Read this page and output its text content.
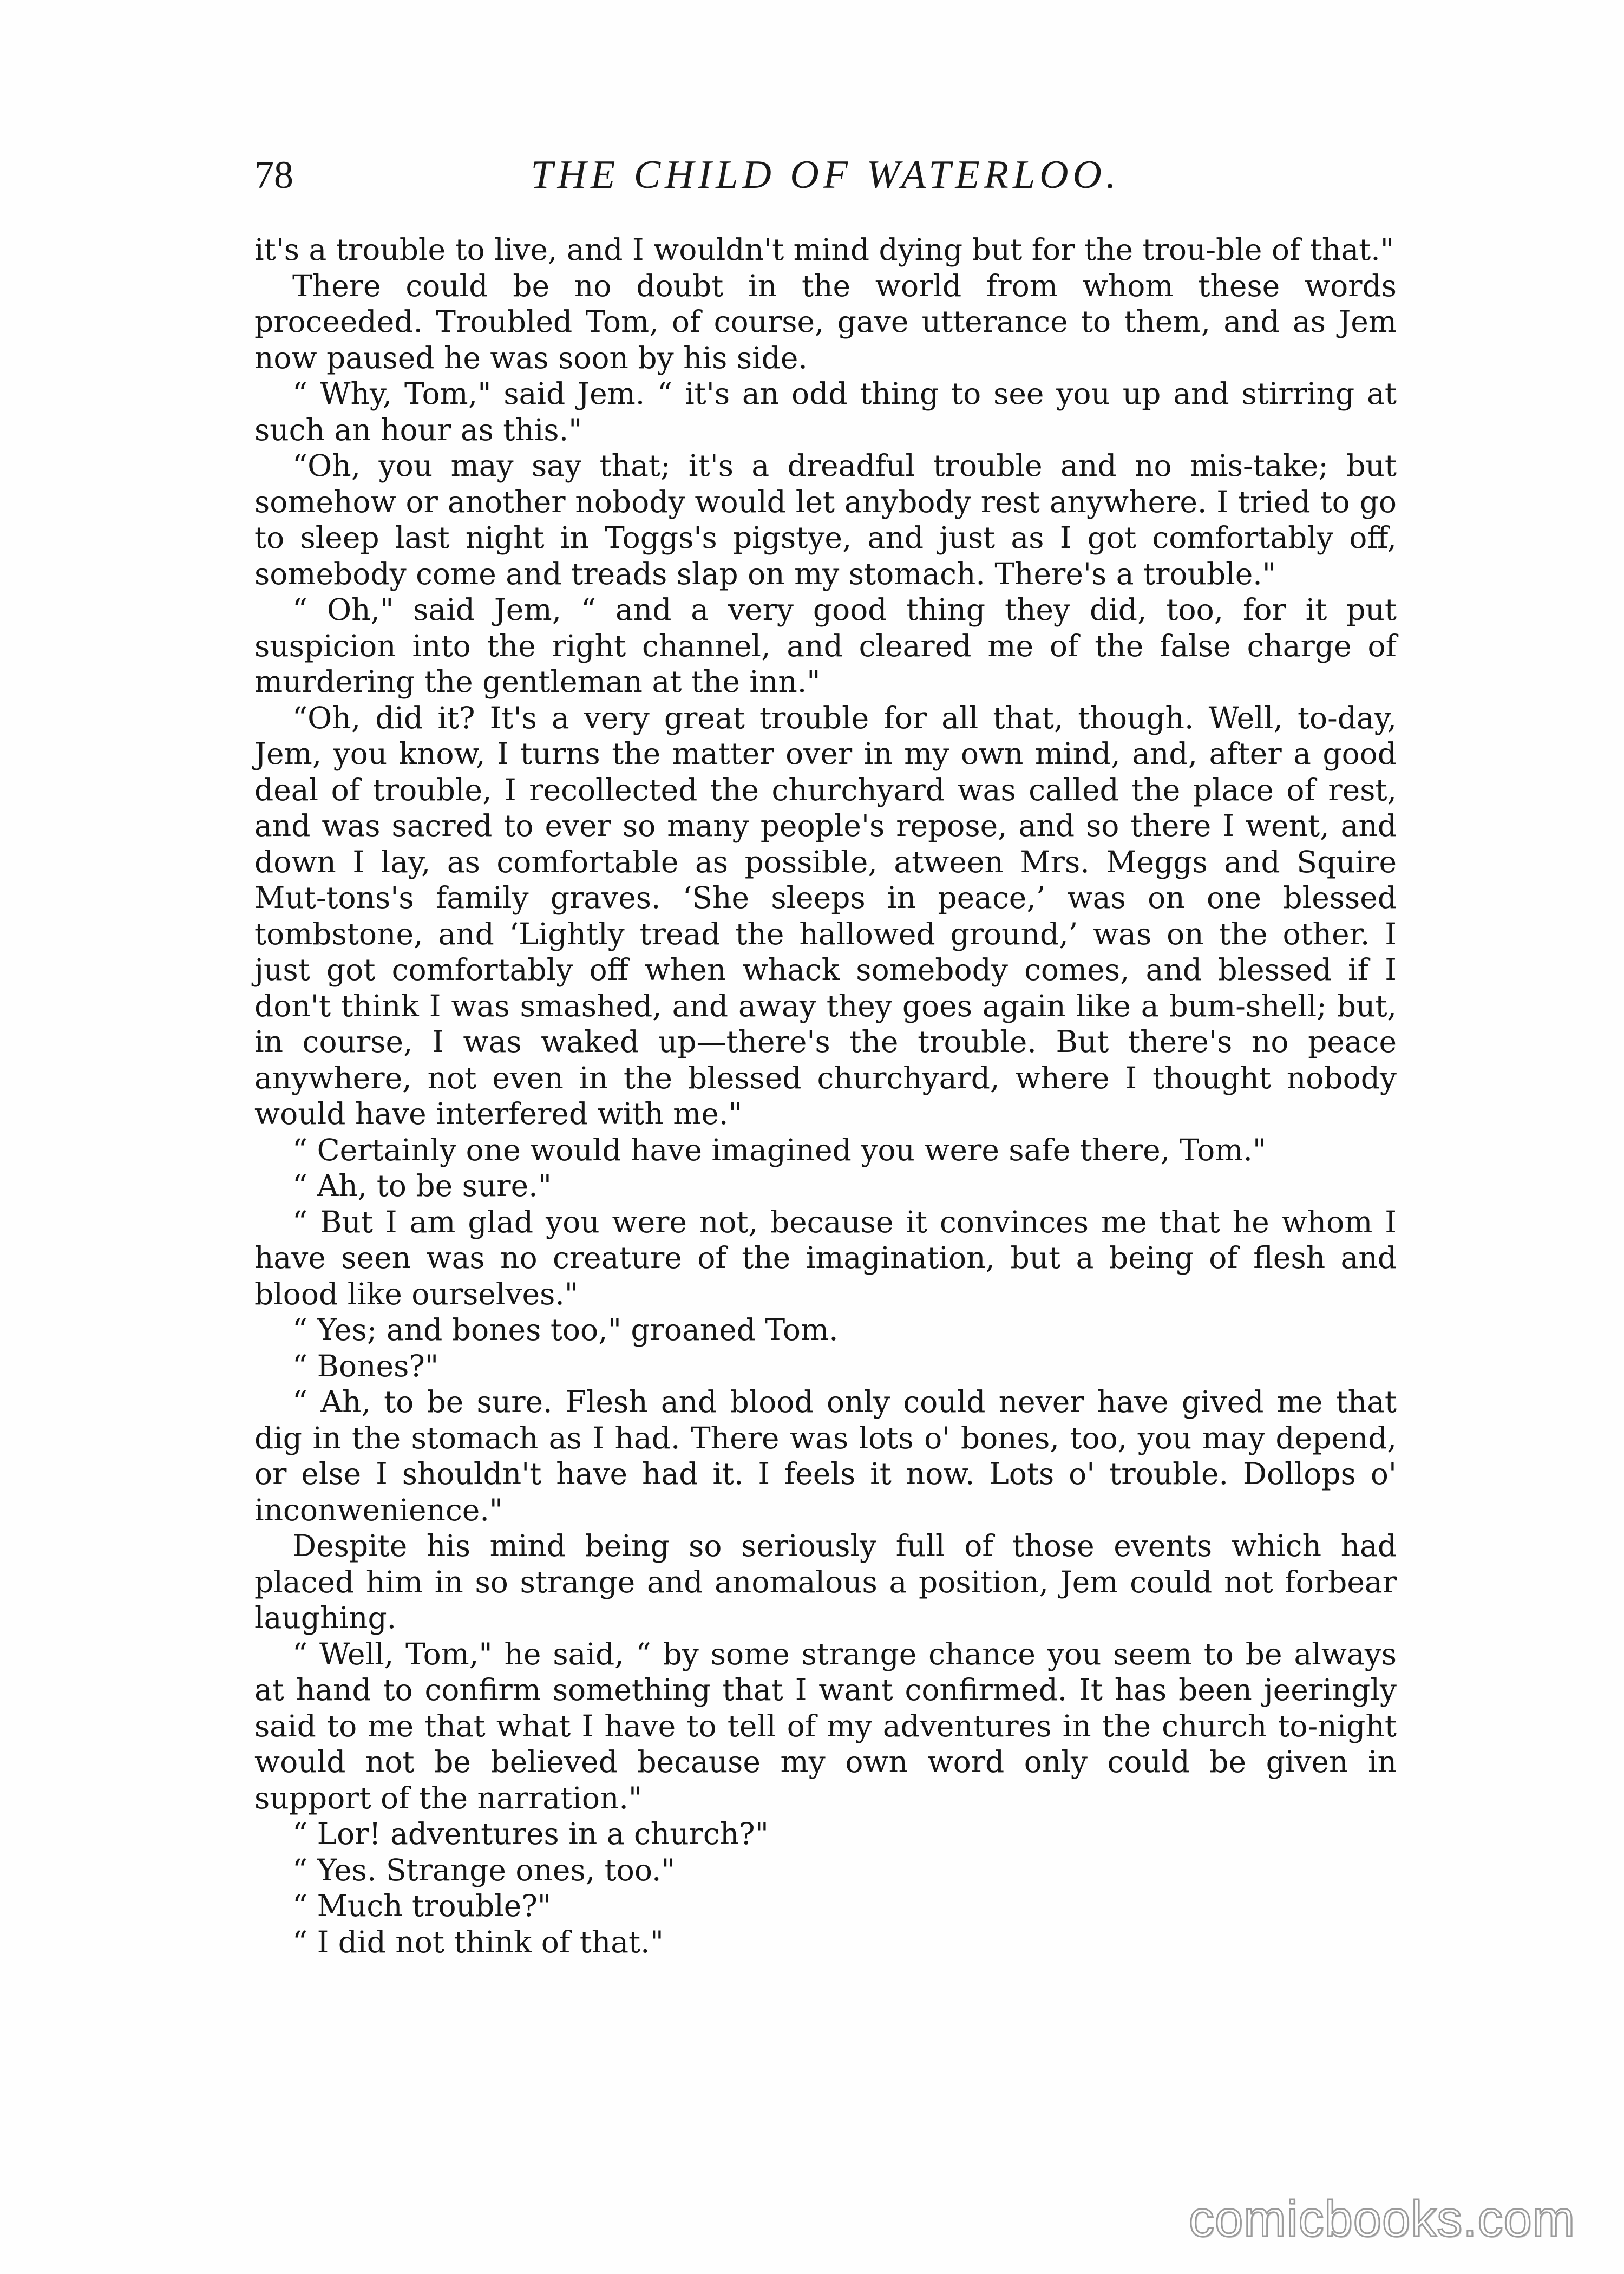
78	THE CHILD OF WATERLOO.

it's a trouble to live, and I wouldn't mind dying but for the trou-ble of that."

There could be no doubt in the world from whom these words proceeded. Troubled Tom, of course, gave utterance to them, and as Jem now paused he was soon by his side.

“ Why, Tom," said Jem. “ it's an odd thing to see you up and stirring at such an hour as this."

“Oh, you may say that; it's a dreadful trouble and no mis-take; but somehow or another nobody would let anybody rest anywhere. I tried to go to sleep last night in Toggs's pigstye, and just as I got comfortably off, somebody come and treads slap on my stomach. There's a trouble."

“ Oh," said Jem, “ and a very good thing they did, too, for it put suspicion into the right channel, and cleared me of the false charge of murdering the gentleman at the inn."

“Oh, did it? It's a very great trouble for all that, though. Well, to-day, Jem, you know, I turns the matter over in my own mind, and, after a good deal of trouble, I recollected the churchyard was called the place of rest, and was sacred to ever so many people's repose, and so there I went, and down I lay, as comfortable as possible, atween Mrs. Meggs and Squire Mut-tons's family graves. ‘She sleeps in peace,’ was on one blessed tombstone, and ‘Lightly tread the hallowed ground,’ was on the other. I just got comfortably off when whack somebody comes, and blessed if I don't think I was smashed, and away they goes again like a bum-shell; but, in course, I was waked up—there's the trouble. But there's no peace anywhere, not even in the blessed churchyard, where I thought nobody would have interfered with me."

“ Certainly one would have imagined you were safe there, Tom."

“ Ah, to be sure."

“ But I am glad you were not, because it convinces me that he whom I have seen was no creature of the imagination, but a being of flesh and blood like ourselves."

“ Yes; and bones too," groaned Tom.

“ Bones?"

“ Ah, to be sure. Flesh and blood only could never have gived me that dig in the stomach as I had. There was lots o' bones, too, you may depend, or else I shouldn't have had it. I feels it now. Lots o' trouble. Dollops o' inconwenience."

Despite his mind being so seriously full of those events which had placed him in so strange and anomalous a position, Jem could not forbear laughing.

“ Well, Tom," he said, “ by some strange chance you seem to be always at hand to confirm something that I want confirmed. It has been jeeringly said to me that what I have to tell of my adventures in the church to-night would not be believed because my own word only could be given in support of the narration."

“ Lor! adventures in a church?"

“ Yes. Strange ones, too."

“ Much trouble?"

“ I did not think of that."

comicbooks.com
